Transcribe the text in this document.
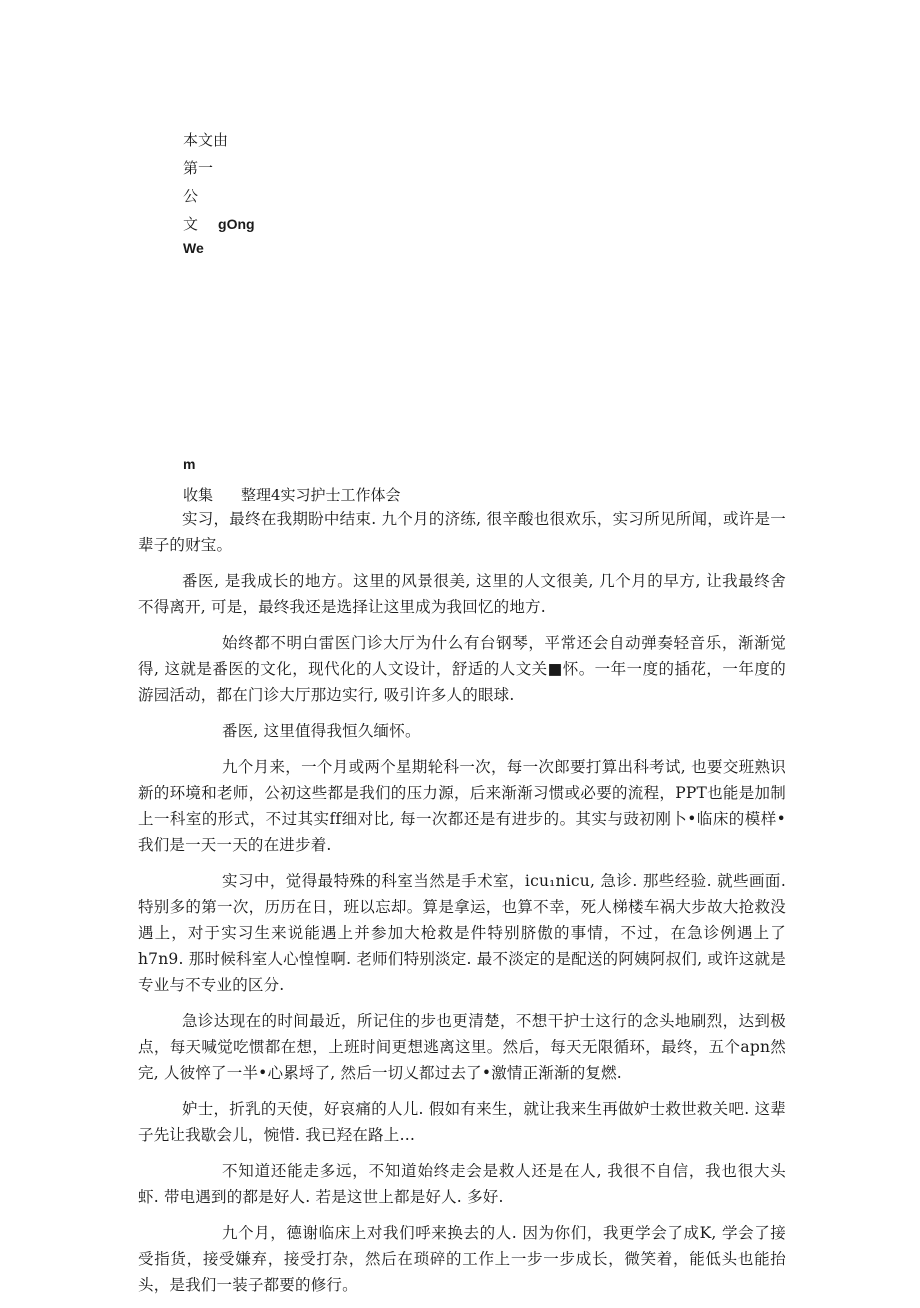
本文由
第一
公
文 gOng
We
m
收集 整理4实习护士工作体会

实习，最终在我期盼中结束. 九个月的济练, 很辛酸也很欢乐，实习所见所闻，或许是一辈子的财宝。

番医, 是我成长的地方。这里的风景很美, 这里的人文很美, 几个月的早方, 让我最终舍不得离开, 可是，最终我还是选择让这里成为我回忆的地方.

始终都不明白雷医门诊大厅为什么有台钢琴，平常还会自动弹奏轻音乐，渐渐觉得, 这就是番医的文化，现代化的人文设计，舒适的人文关■怀。一年一度的插花，一年度的游园活动，都在门诊大厅那边实行, 吸引许多人的眼球.

番医, 这里值得我恒久缅怀。

九个月来，一个月或两个星期轮科一次，每一次郎要打算出科考试, 也要交班熟识新的环境和老师，公初这些都是我们的压力源，后来渐渐习惯或必要的流程，PPT也能是加制上一科室的形式，不过其实ff细对比, 每一次都还是有进步的。其实与豉初刚卜•临床的模样•我们是一天一天的在进步着.

实习中，觉得最特殊的科室当然是手术室，icu₁nicu, 急诊. 那些经验. 就些画面. 特别多的第一次，历历在日，班以忘却。算是拿运，也算不幸，死人梯楼车祸大步故大抢救没遇上，对于实习生来说能遇上并参加大枪救是件特别脐傲的事情，不过，在急诊例遇上了h7n9. 那时候科室人心惶惶啊. 老师们特别淡定. 最不淡定的是配送的阿姨阿叔们, 或许这就是专业与不专业的区分.

急诊达现在的时间最近，所记住的步也更清楚，不想干护士这行的念头地刷烈，达到极点，每天喊觉吃惯都在想，上班时间更想逃离这里。然后，每天无限循环，最终，五个apn然完, 人彼悴了一半•心累埒了, 然后一切乂都过去了•激情正渐渐的复燃.

妒士，折乳的天使，好哀痛的人儿. 假如有来生，就让我来生再做妒士救世救关吧. 这辈子先让我歇会儿，惋惜. 我已羟在路上…

不知道还能走多远，不知道始终走会是救人还是在人, 我很不自信，我也很大头虾. 带电遇到的都是好人. 若是这世上都是好人. 多好.

九个月，德谢临床上对我们呼来换去的人. 因为你们，我更学会了成K, 学会了接受指货，接受嫌弃，接受打杂，然后在琐碎的工作上一步一步成长，微笑着，能低头也能抬头，是我们一装子都要的修行。
